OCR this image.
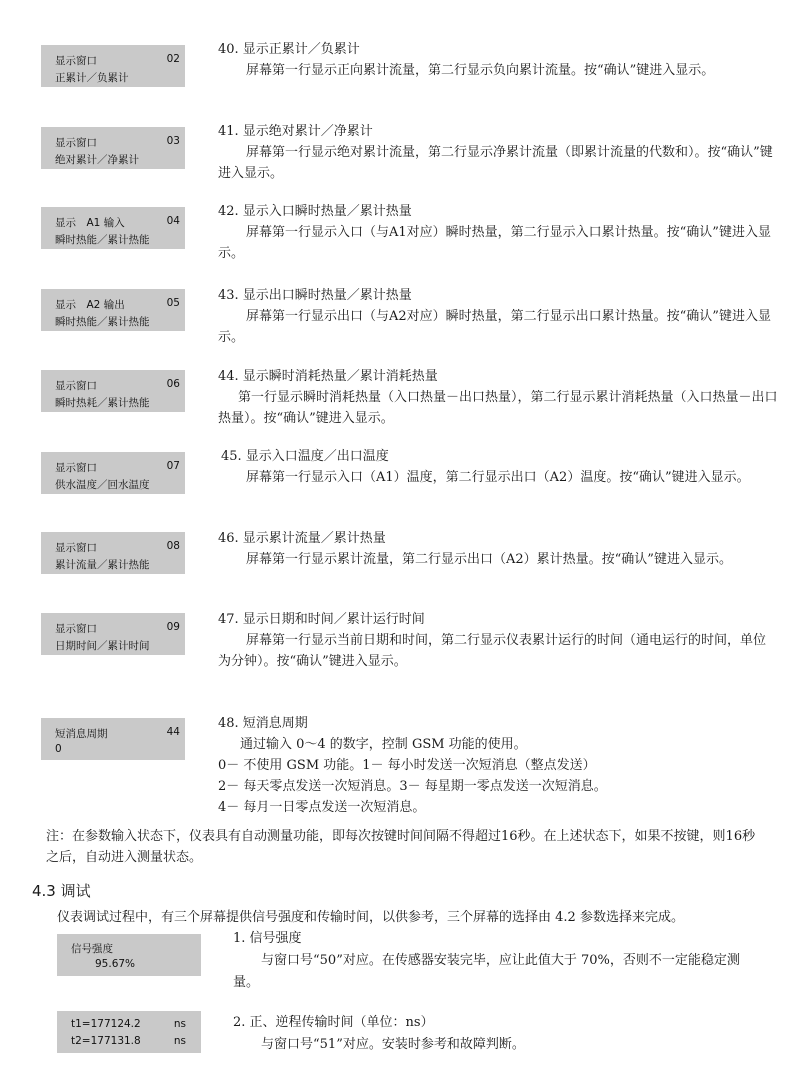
显示窗口
正累计／负累计
02
40. 显示正累计／负累计
屏幕第一行显示正向累计流量，第二行显示负向累计流量。按“确认”键进入显示。
显示窗口
绝对累计／净累计
03
41. 显示绝对累计／净累计
屏幕第一行显示绝对累计流量，第二行显示净累计流量（即累计流量的代数和）。按“确认”键进入显示。
显示　A1 输入
瞬时热能／累计热能
04
42. 显示入口瞬时热量／累计热量
屏幕第一行显示入口（与A1对应）瞬时热量，第二行显示入口累计热量。按“确认”键进入显示。
显示　A2 输出
瞬时热能／累计热能
05	43. 显示出口瞬时热量／累计热量
屏幕第一行显示出口（与A2对应）瞬时热量，第二行显示出口累计热量。按“确认”键进入显示。
显示窗口
瞬时热耗／累计热能
06	44. 显示瞬时消耗热量／累计消耗热量
第一行显示瞬时消耗热量（入口热量－出口热量），第二行显示累计消耗热量（入口热量－出口热量）。按“确认”键进入显示。
显示窗口
供水温度／回水温度
07
45. 显示入口温度／出口温度
屏幕第一行显示入口（A1）温度，第二行显示出口（A2）温度。按“确认”键进入显示。
显示窗口
累计流量／累计热能
08	46. 显示累计流量／累计热量
屏幕第一行显示累计流量，第二行显示出口（A2）累计热量。按“确认”键进入显示。
显示窗口
日期时间／累计时间
09	47. 显示日期和时间／累计运行时间
屏幕第一行显示当前日期和时间，第二行显示仪表累计运行的时间（通电运行的时间，单位为分钟）。按“确认”键进入显示。
短消息周期
0
44
48. 短消息周期
通过输入 0～4 的数字，控制 GSM 功能的使用。
0－ 不使用 GSM 功能。1－ 每小时发送一次短消息（整点发送）
2－ 每天零点发送一次短消息。3－ 每星期一零点发送一次短消息。
4－ 每月一日零点发送一次短消息。
注：在参数输入状态下，仪表具有自动测量功能，即每次按键时间间隔不得超过16秒。在上述状态下，如果不按键，则16秒之后，自动进入测量状态。
4.3 调试
仪表调试过程中，有三个屏幕提供信号强度和传输时间，以供参考，三个屏幕的选择由 4.2 参数选择来完成。
信号强度
95.67%
1. 信号强度
与窗口号“50”对应。在传感器安装完毕，应让此值大于 70%，否则不一定能稳定测量。
t1=177124.2	ns
t2=177131.8	ns
2. 正、逆程传输时间（单位：ns）
与窗口号“51”对应。安装时参考和故障判断。
